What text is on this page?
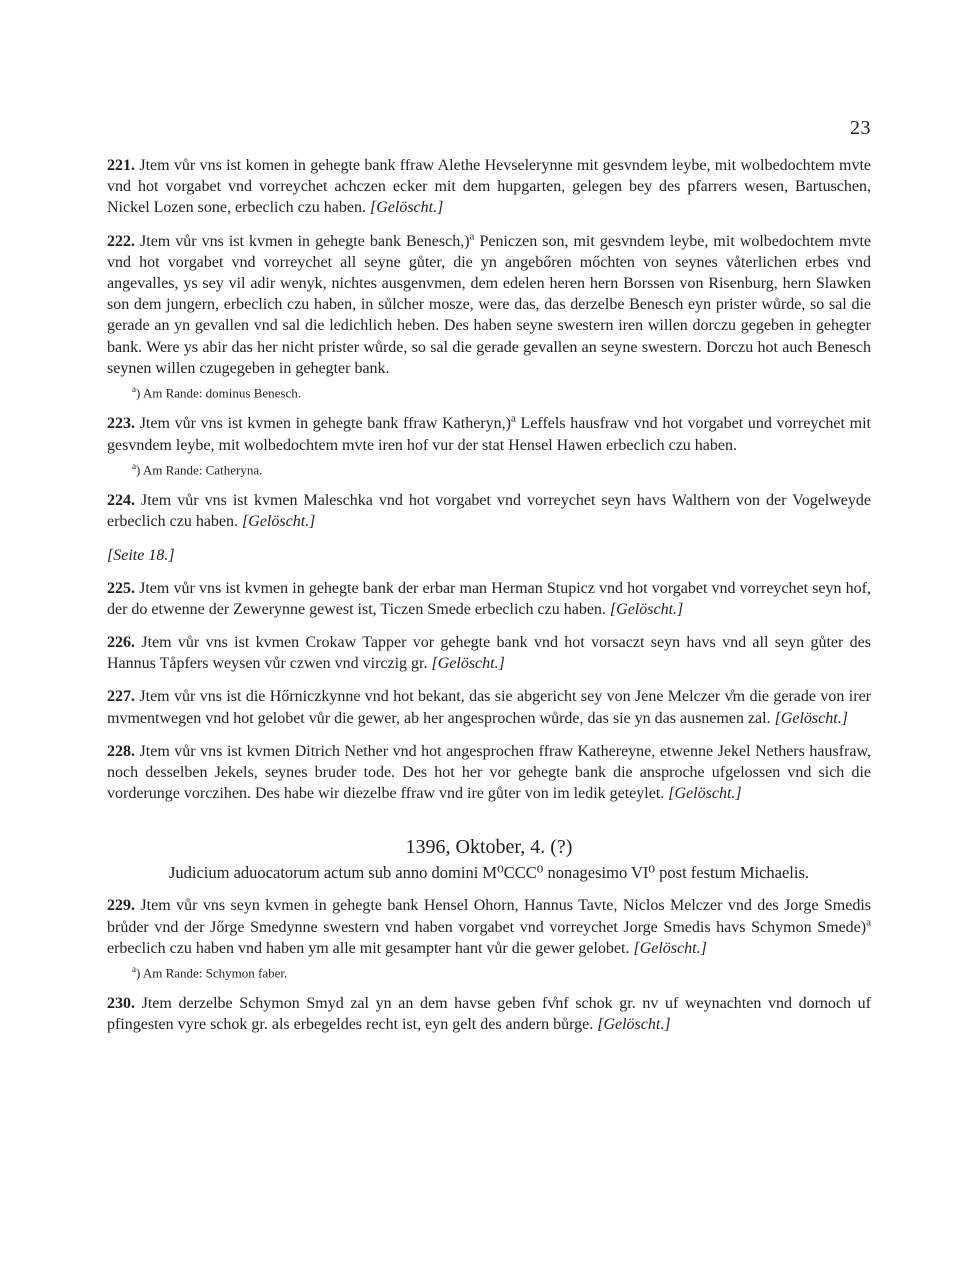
23

221. Jtem vůr vns ist komen in gehegte bank ffraw Alethe Hevselerynne mit gesvndem leybe, mit wolbedochtem mvte vnd hot vorgabet vnd vorreychet achczen ecker mit dem hupgarten, gelegen bey des pfarrers wesen, Bartuschen, Nickel Lozen sone, erbeclich czu haben. [Gelöscht.]

222. Jtem vůr vns ist kvmen in gehegte bank Benesch,)$^a$ Peniczen son, mit gesvndem leybe, mit wolbedochtem mvte vnd hot vorgabet vnd vorreychet all seyne gůter, die yn angebőren mőchten von seynes våterlichen erbes vnd angevalles, ys sey vil adir wenyk, nichtes ausgenvmen, dem edelen heren hern Borssen von Risenburg, hern Slawken son dem jungern, erbeclich czu haben, in sůlcher mosze, were das, das derzelbe Benesch eyn prister wůrde, so sal die gerade an yn gevallen vnd sal die ledichlich heben. Des haben seyne swestern iren willen dorczu gegeben in gehegter bank. Were ys abir das her nicht prister wůrde, so sal die gerade gevallen an seyne swestern. Dorczu hot auch Benesch seynen willen czugegeben in gehegter bank.

$^a$) Am Rande: dominus Benesch.

223. Jtem vůr vns ist kvmen in gehegte bank ffraw Katheryn,)$^a$ Leffels hausfraw vnd hot vorgabet und vorreychet mit gesvndem leybe, mit wolbedochtem mvte iren hof vur der stat Hensel Hawen erbeclich czu haben.

$^a$) Am Rande: Catheryna.

224. Jtem vůr vns ist kvmen Maleschka vnd hot vorgabet vnd vorreychet seyn havs Walthern von der Vogelweyde erbeclich czu haben. [Gelöscht.]

[Seite 18.]

225. Jtem vůr vns ist kvmen in gehegte bank der erbar man Herman Stupicz vnd hot vorgabet vnd vorreychet seyn hof, der do etwenne der Zewerynne gewest ist, Ticzen Smede erbeclich czu haben. [Gelöscht.]

226. Jtem vůr vns ist kvmen Crokaw Tapper vor gehegte bank vnd hot vorsaczt seyn havs vnd all seyn gůter des Hannus Tåpfers weysen vůr czwen vnd virczig gr. [Gelöscht.]

227. Jtem vůr vns ist die Hőrniczkynne vnd hot bekant, das sie abgericht sey von Jene Melczer v̊m die gerade von irer mvmentwegen vnd hot gelobet vůr die gewer, ab her angesprochen wůrde, das sie yn das ausnemen zal. [Gelöscht.]

228. Jtem vůr vns ist kvmen Ditrich Nether vnd hot angesprochen ffraw Kathereyne, etwenne Jekel Nethers hausfraw, noch desselben Jekels, seynes bruder tode. Des hot her vor gehegte bank die ansproche ufgelossen vnd sich die vorderunge vorczihen. Des habe wir diezelbe ffraw vnd ire gůter von im ledik geteylet. [Gelöscht.]

1396, Oktober, 4. (?)

Judicium aduocatorum actum sub anno domini M⁰CCC⁰ nonagesimo VI⁰ post festum Michaelis.

229. Jtem vůr vns seyn kvmen in gehegte bank Hensel Ohorn, Hannus Tavte, Niclos Melczer vnd des Jorge Smedis brůder vnd der Jőrge Smedynne swestern vnd haben vorgabet vnd vorreychet Jorge Smedis havs Schymon Smede)$^a$ erbeclich czu haben vnd haben ym alle mit gesampter hant vůr die gewer gelobet. [Gelöscht.]

$^a$) Am Rande: Schymon faber.

230. Jtem derzelbe Schymon Smyd zal yn an dem havse geben fv̊nf schok gr. nv uf weynachten vnd dornoch uf pfingesten vyre schok gr. als erbegeldes recht ist, eyn gelt des andern bůrge. [Gelöscht.]
